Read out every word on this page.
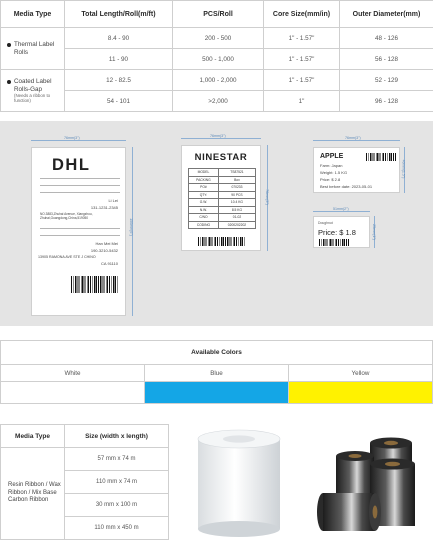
Media Type	Total Length/Roll(m/ft)	PCS/Roll	Core Size(mm/in)	Outer Diameter(mm)

Thermal Label Rolls	8.4 - 90	200 - 500	1" - 1.57"	48 - 126
	11 - 90	500 - 1,000	1" - 1.57"	56 - 128

Coated Label Rolls-Gap
(Needs a ribbon to function)	12 - 82.5	1,000 - 2,000	1" - 1.57"	52 - 129
	54 - 101	>2,000	1"	96 - 128
76mm(3")
150mm(6")
DHL
Li Lei
131-1231-2345
NO.3883,Zhuhai Avenue, Xiangzhou,
Zhuhai,Guangdong,China,519050
Han Mei Mei
190-3210-5432
13905 RAMONA AVE STE J CHINO
CA 91110
76mm(3")
76mm(3")
NINESTAR
MODEL	TS87521
PACKING	Box
PO#	070233
QTY:	90 PCS
G.W.	10.4 KG
N.W.	8.5 KG
C/NO	01-02
CODING	0200202202
76mm(3")
40mm(1.5")
APPLE
Farm: Japan
Weight: 1.5 KG
Price: $ 2.8
Best before date: 2023-05-01
51mm(2")
25mm(1")
Doughnut
Price: $ 1.8
Available Colors		
White	Blue	Yellow

Media Type	Size (width x length)
Resin Ribbon / Wax Ribbon / Mix Base Carbon Ribbon	57 mm x 74 m
	110 mm x 74 m
	30 mm x 100 m
	110 mm x 450 m
